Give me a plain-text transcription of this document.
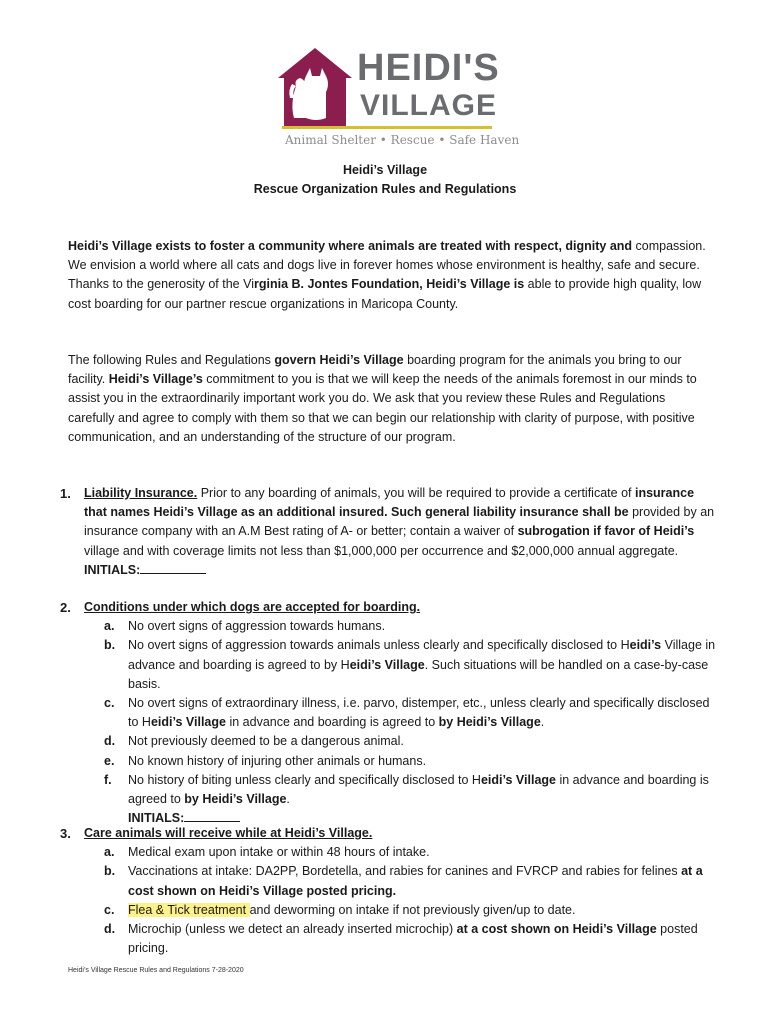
HEIDI'S
VILLAGE
Animal Shelter • Rescue • Safe Haven
Heidi’s Village
Rescue Organization Rules and Regulations

Heidi’s Village exists to foster a community where animals are treated with respect, dignity and compassion. We envision a world where all cats and dogs live in forever homes whose environment is healthy, safe and secure. Thanks to the generosity of the Virginia B. Jontes Foundation, Heidi’s Village is able to provide high quality, low cost boarding for our partner rescue organizations in Maricopa County.

The following Rules and Regulations govern Heidi’s Village boarding program for the animals you bring to our facility. Heidi’s Village’s commitment to you is that we will keep the needs of the animals foremost in our minds to assist you in the extraordinarily important work you do. We ask that you review these Rules and Regulations carefully and agree to comply with them so that we can begin our relationship with clarity of purpose, with positive communication, and an understanding of the structure of our program.

1. Liability Insurance. Prior to any boarding of animals, you will be required to provide a certificate of insurance that names Heidi’s Village as an additional insured. Such general liability insurance shall be provided by an insurance company with an A.M Best rating of A- or better; contain a waiver of subrogation if favor of Heidi’s village and with coverage limits not less than $1,000,000 per occurrence and $2,000,000 annual aggregate. INITIALS:
2. Conditions under which dogs are accepted for boarding.
a. No overt signs of aggression towards humans.
b. No overt signs of aggression towards animals unless clearly and specifically disclosed to Heidi’s Village in advance and boarding is agreed to by Heidi’s Village. Such situations will be handled on a case-by-case basis.
c. No overt signs of extraordinary illness, i.e. parvo, distemper, etc., unless clearly and specifically disclosed to Heidi’s Village in advance and boarding is agreed to by Heidi’s Village.
d. Not previously deemed to be a dangerous animal.
e. No known history of injuring other animals or humans.
f. No history of biting unless clearly and specifically disclosed to Heidi’s Village in advance and boarding is agreed to by Heidi’s Village.
INITIALS:
3. Care animals will receive while at Heidi’s Village.
a. Medical exam upon intake or within 48 hours of intake.
b. Vaccinations at intake: DA2PP, Bordetella, and rabies for canines and FVRCP and rabies for felines at a cost shown on Heidi’s Village posted pricing.
c. Flea & Tick treatment and deworming on intake if not previously given/up to date.
d. Microchip (unless we detect an already inserted microchip) at a cost shown on Heidi’s Village posted pricing.
Heidi’s Village Rescue Rules and Regulations 7-28-2020
